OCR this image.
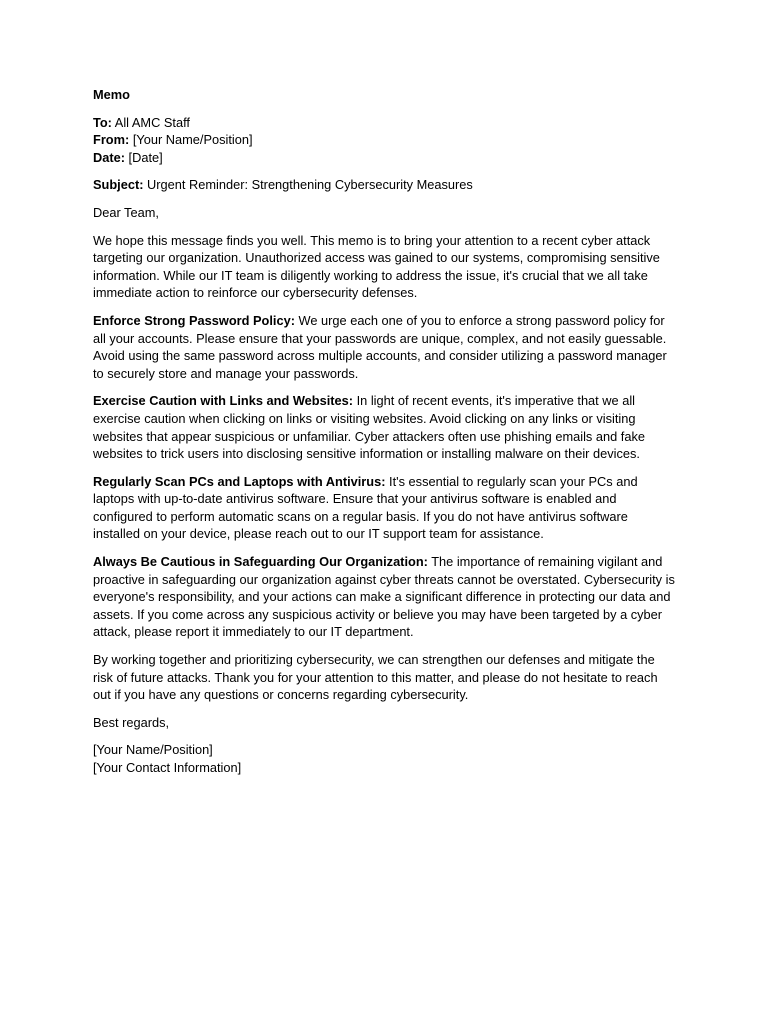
Memo

To: All AMC Staff

From: [Your Name/Position]

Date: [Date]

Subject: Urgent Reminder: Strengthening Cybersecurity Measures

Dear Team,

We hope this message finds you well. This memo is to bring your attention to a recent cyber attack targeting our organization. Unauthorized access was gained to our systems, compromising sensitive information. While our IT team is diligently working to address the issue, it's crucial that we all take immediate action to reinforce our cybersecurity defenses.

Enforce Strong Password Policy: We urge each one of you to enforce a strong password policy for all your accounts. Please ensure that your passwords are unique, complex, and not easily guessable. Avoid using the same password across multiple accounts, and consider utilizing a password manager to securely store and manage your passwords.

Exercise Caution with Links and Websites: In light of recent events, it's imperative that we all exercise caution when clicking on links or visiting websites. Avoid clicking on any links or visiting websites that appear suspicious or unfamiliar. Cyber attackers often use phishing emails and fake websites to trick users into disclosing sensitive information or installing malware on their devices.

Regularly Scan PCs and Laptops with Antivirus: It's essential to regularly scan your PCs and laptops with up-to-date antivirus software. Ensure that your antivirus software is enabled and configured to perform automatic scans on a regular basis. If you do not have antivirus software installed on your device, please reach out to our IT support team for assistance.

Always Be Cautious in Safeguarding Our Organization: The importance of remaining vigilant and proactive in safeguarding our organization against cyber threats cannot be overstated. Cybersecurity is everyone's responsibility, and your actions can make a significant difference in protecting our data and assets. If you come across any suspicious activity or believe you may have been targeted by a cyber attack, please report it immediately to our IT department.

By working together and prioritizing cybersecurity, we can strengthen our defenses and mitigate the risk of future attacks. Thank you for your attention to this matter, and please do not hesitate to reach out if you have any questions or concerns regarding cybersecurity.

Best regards,

[Your Name/Position]

[Your Contact Information]
